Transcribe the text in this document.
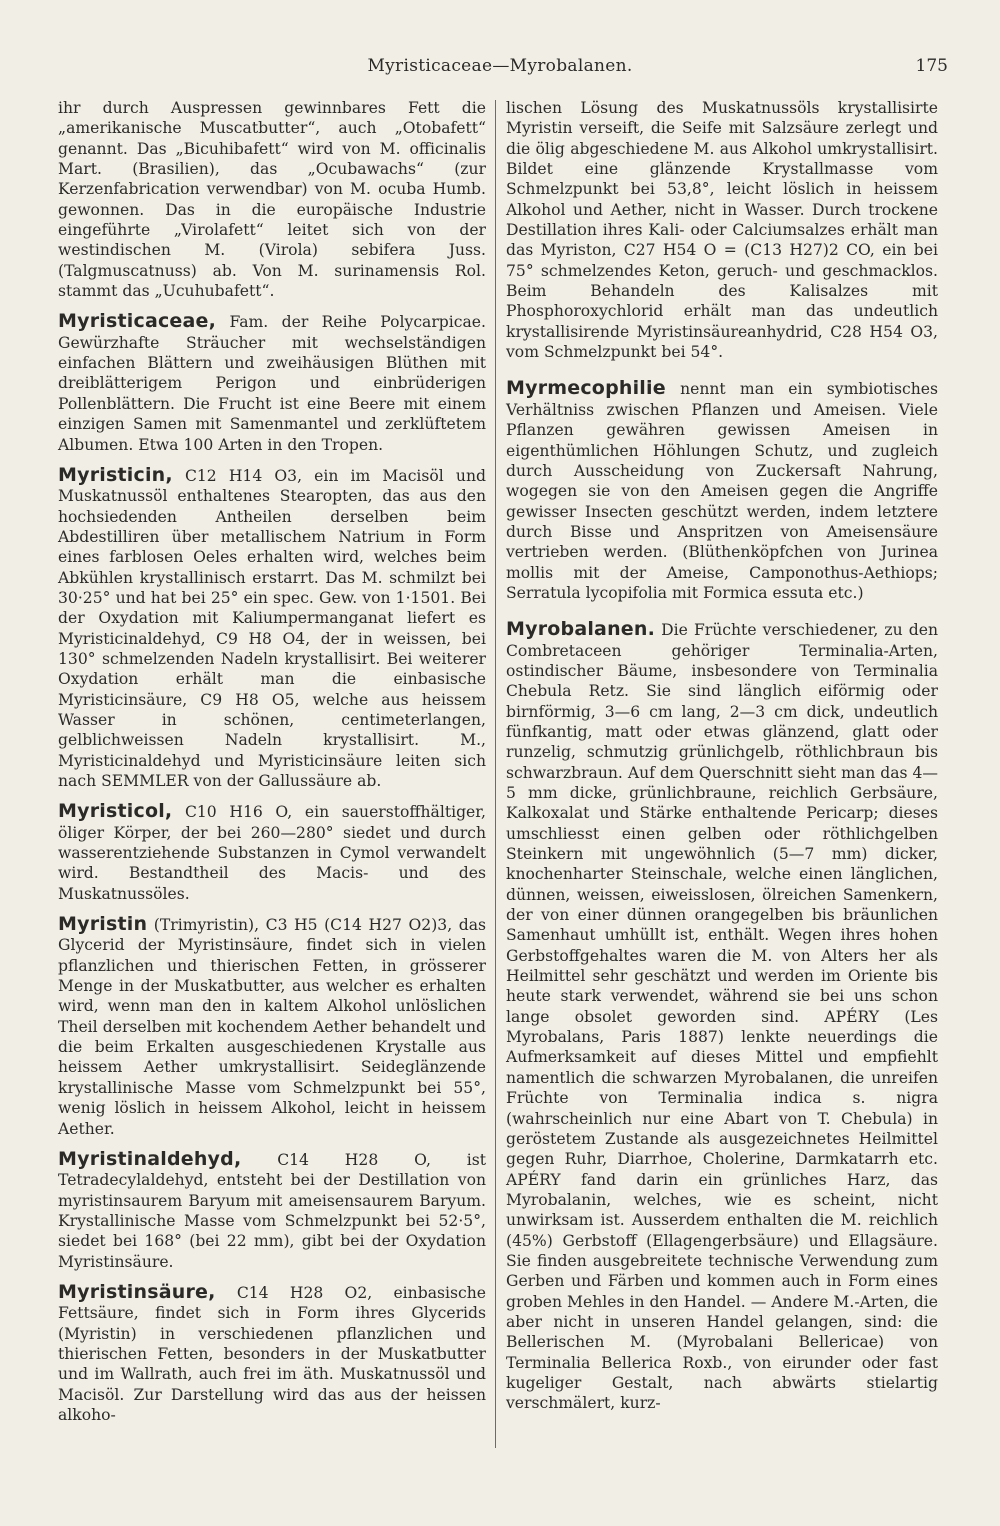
Myristicaceae—Myrobalanen.	175

ihr durch Auspressen gewinnbares Fett die „amerikanische Muscatbutter“, auch „Otobafett“ genannt. Das „Bicuhibafett“ wird von M. officinalis Mart. (Brasilien), das „Ocubawachs“ (zur Kerzenfabrication verwendbar) von M. ocuba Humb. gewonnen. Das in die europäische Industrie eingeführte „Virolafett“ leitet sich von der westindischen M. (Virola) sebifera Juss. (Talgmuscatnuss) ab. Von M. surinamensis Rol. stammt das „Ucuhubafett“.

Myristicaceae, Fam. der Reihe Polycarpicae. Gewürzhafte Sträucher mit wechselständigen einfachen Blättern und zweihäusigen Blüthen mit dreiblätterigem Perigon und einbrüderigen Pollenblättern. Die Frucht ist eine Beere mit einem einzigen Samen mit Samenmantel und zerklüftetem Albumen. Etwa 100 Arten in den Tropen.

Myristicin, C12 H14 O3, ein im Macisöl und Muskatnussöl enthaltenes Stearopten, das aus den hochsiedenden Antheilen derselben beim Abdestilliren über metallischem Natrium in Form eines farblosen Oeles erhalten wird, welches beim Abkühlen krystallinisch erstarrt. Das M. schmilzt bei 30·25° und hat bei 25° ein spec. Gew. von 1·1501. Bei der Oxydation mit Kaliumpermanganat liefert es Myristicinaldehyd, C9 H8 O4, der in weissen, bei 130° schmelzenden Nadeln krystallisirt. Bei weiterer Oxydation erhält man die einbasische Myristicinsäure, C9 H8 O5, welche aus heissem Wasser in schönen, centimeterlangen, gelblichweissen Nadeln krystallisirt. M., Myristicinaldehyd und Myristicinsäure leiten sich nach SEMMLER von der Gallussäure ab.

Myristicol, C10 H16 O, ein sauerstoffhältiger, öliger Körper, der bei 260—280° siedet und durch wasserentziehende Substanzen in Cymol verwandelt wird. Bestandtheil des Macis- und des Muskatnussöles.

Myristin (Trimyristin), C3 H5 (C14 H27 O2)3, das Glycerid der Myristinsäure, findet sich in vielen pflanzlichen und thierischen Fetten, in grösserer Menge in der Muskatbutter, aus welcher es erhalten wird, wenn man den in kaltem Alkohol unlöslichen Theil derselben mit kochendem Aether behandelt und die beim Erkalten ausgeschiedenen Krystalle aus heissem Aether umkrystallisirt. Seideglänzende krystallinische Masse vom Schmelzpunkt bei 55°, wenig löslich in heissem Alkohol, leicht in heissem Aether.

Myristinaldehyd, C14 H28 O, ist Tetradecylaldehyd, entsteht bei der Destillation von myristinsaurem Baryum mit ameisensaurem Baryum. Krystallinische Masse vom Schmelzpunkt bei 52·5°, siedet bei 168° (bei 22 mm), gibt bei der Oxydation Myristinsäure.

Myristinsäure, C14 H28 O2, einbasische Fettsäure, findet sich in Form ihres Glycerids (Myristin) in verschiedenen pflanzlichen und thierischen Fetten, besonders in der Muskatbutter und im Wallrath, auch frei im äth. Muskatnussöl und Macisöl. Zur Darstellung wird das aus der heissen alkoho-

lischen Lösung des Muskatnussöls krystallisirte Myristin verseift, die Seife mit Salzsäure zerlegt und die ölig abgeschiedene M. aus Alkohol umkrystallisirt. Bildet eine glänzende Krystallmasse vom Schmelzpunkt bei 53,8°, leicht löslich in heissem Alkohol und Aether, nicht in Wasser. Durch trockene Destillation ihres Kali- oder Calciumsalzes erhält man das Myriston, C27 H54 O = (C13 H27)2 CO, ein bei 75° schmelzendes Keton, geruch- und geschmacklos. Beim Behandeln des Kalisalzes mit Phosphoroxychlorid erhält man das undeutlich krystallisirende Myristinsäureanhydrid, C28 H54 O3, vom Schmelzpunkt bei 54°.

Myrmecophilie nennt man ein symbiotisches Verhältniss zwischen Pflanzen und Ameisen. Viele Pflanzen gewähren gewissen Ameisen in eigenthümlichen Höhlungen Schutz, und zugleich durch Ausscheidung von Zuckersaft Nahrung, wogegen sie von den Ameisen gegen die Angriffe gewisser Insecten geschützt werden, indem letztere durch Bisse und Anspritzen von Ameisensäure vertrieben werden. (Blüthenköpfchen von Jurinea mollis mit der Ameise, Camponothus-Aethiops; Serratula lycopifolia mit Formica essuta etc.)

Myrobalanen. Die Früchte verschiedener, zu den Combretaceen gehöriger Terminalia-Arten, ostindischer Bäume, insbesondere von Terminalia Chebula Retz. Sie sind länglich eiförmig oder birnförmig, 3—6 cm lang, 2—3 cm dick, undeutlich fünfkantig, matt oder etwas glänzend, glatt oder runzelig, schmutzig grünlichgelb, röthlichbraun bis schwarzbraun. Auf dem Querschnitt sieht man das 4—5 mm dicke, grünlichbraune, reichlich Gerbsäure, Kalkoxalat und Stärke enthaltende Pericarp; dieses umschliesst einen gelben oder röthlichgelben Steinkern mit ungewöhnlich (5—7 mm) dicker, knochenharter Steinschale, welche einen länglichen, dünnen, weissen, eiweisslosen, ölreichen Samenkern, der von einer dünnen orangegelben bis bräunlichen Samenhaut umhüllt ist, enthält. Wegen ihres hohen Gerbstoffgehaltes waren die M. von Alters her als Heilmittel sehr geschätzt und werden im Oriente bis heute stark verwendet, während sie bei uns schon lange obsolet geworden sind. APÉRY (Les Myrobalans, Paris 1887) lenkte neuerdings die Aufmerksamkeit auf dieses Mittel und empfiehlt namentlich die schwarzen Myrobalanen, die unreifen Früchte von Terminalia indica s. nigra (wahrscheinlich nur eine Abart von T. Chebula) in geröstetem Zustande als ausgezeichnetes Heilmittel gegen Ruhr, Diarrhoe, Cholerine, Darmkatarrh etc. APÉRY fand darin ein grünliches Harz, das Myrobalanin, welches, wie es scheint, nicht unwirksam ist. Ausserdem enthalten die M. reichlich (45%) Gerbstoff (Ellagengerbsäure) und Ellagsäure. Sie finden ausgebreitete technische Verwendung zum Gerben und Färben und kommen auch in Form eines groben Mehles in den Handel. — Andere M.-Arten, die aber nicht in unseren Handel gelangen, sind: die Bellerischen M. (Myrobalani Bellericae) von Terminalia Bellerica Roxb., von eirunder oder fast kugeliger Gestalt, nach abwärts stielartig verschmälert, kurz-
